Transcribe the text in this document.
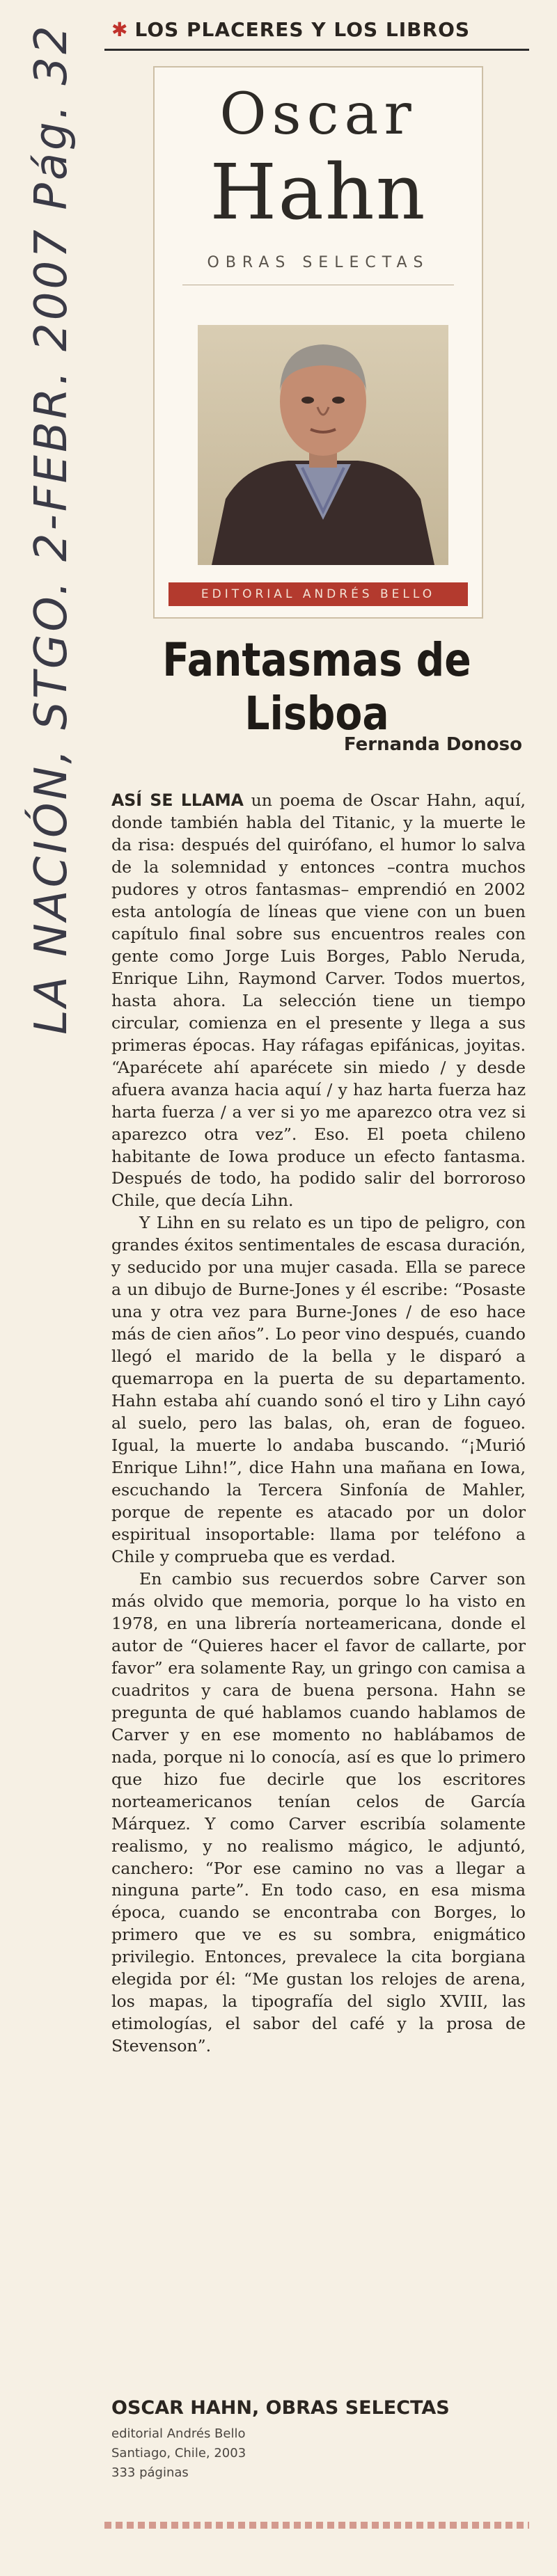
LA NACIÓN, STGO. 2-FEBR. 2007 Pág. 32 ✱ LOS PLACERES Y LOS LIBROS
Oscar
Hahn
OBRAS SELECTAS
EDITORIAL ANDRÉS BELLO
Fantasmas de Lisboa
Fernanda Donoso

ASÍ SE LLAMA un poema de Oscar Hahn, aquí, donde también habla del Titanic, y la muerte le da risa: después del quirófano, el humor lo salva de la solemnidad y entonces –contra muchos pudores y otros fantasmas– emprendió en 2002 esta antología de líneas que viene con un buen capítulo final sobre sus encuentros reales con gente como Jorge Luis Borges, Pablo Neruda, Enrique Lihn, Raymond Carver. Todos muertos, hasta ahora. La selección tiene un tiempo circular, comienza en el presente y llega a sus primeras épocas. Hay ráfagas epifánicas, joyitas. “Aparécete ahí aparécete sin miedo / y desde afuera avanza hacia aquí / y haz harta fuerza haz harta fuerza / a ver si yo me aparezco otra vez si aparezco otra vez”. Eso. El poeta chileno habitante de Iowa produce un efecto fantasma. Después de todo, ha podido salir del borroroso Chile, que decía Lihn.

Y Lihn en su relato es un tipo de peligro, con grandes éxitos sentimentales de escasa duración, y seducido por una mujer casada. Ella se parece a un dibujo de Burne-Jones y él escribe: “Posaste una y otra vez para Burne-Jones / de eso hace más de cien años”. Lo peor vino después, cuando llegó el marido de la bella y le disparó a quemarropa en la puerta de su departamento. Hahn estaba ahí cuando sonó el tiro y Lihn cayó al suelo, pero las balas, oh, eran de fogueo. Igual, la muerte lo andaba buscando. “¡Murió Enrique Lihn!”, dice Hahn una mañana en Iowa, escuchando la Tercera Sinfonía de Mahler, porque de repente es atacado por un dolor espiritual insoportable: llama por teléfono a Chile y comprueba que es verdad.

En cambio sus recuerdos sobre Carver son más olvido que memoria, porque lo ha visto en 1978, en una librería norteamericana, donde el autor de “Quieres hacer el favor de callarte, por favor” era solamente Ray, un gringo con camisa a cuadritos y cara de buena persona. Hahn se pregunta de qué hablamos cuando hablamos de Carver y en ese momento no hablábamos de nada, porque ni lo conocía, así es que lo primero que hizo fue decirle que los escritores norteamericanos tenían celos de García Márquez. Y como Carver escribía solamente realismo, y no realismo mágico, le adjuntó, canchero: “Por ese camino no vas a llegar a ninguna parte”. En todo caso, en esa misma época, cuando se encontraba con Borges, lo primero que ve es su sombra, enigmático privilegio. Entonces, prevalece la cita borgiana elegida por él: “Me gustan los relojes de arena, los mapas, la tipografía del siglo XVIII, las etimologías, el sabor del café y la prosa de Stevenson”.

OSCAR HAHN, OBRAS SELECTAS
editorial Andrés Bello
Santiago, Chile, 2003
333 páginas
